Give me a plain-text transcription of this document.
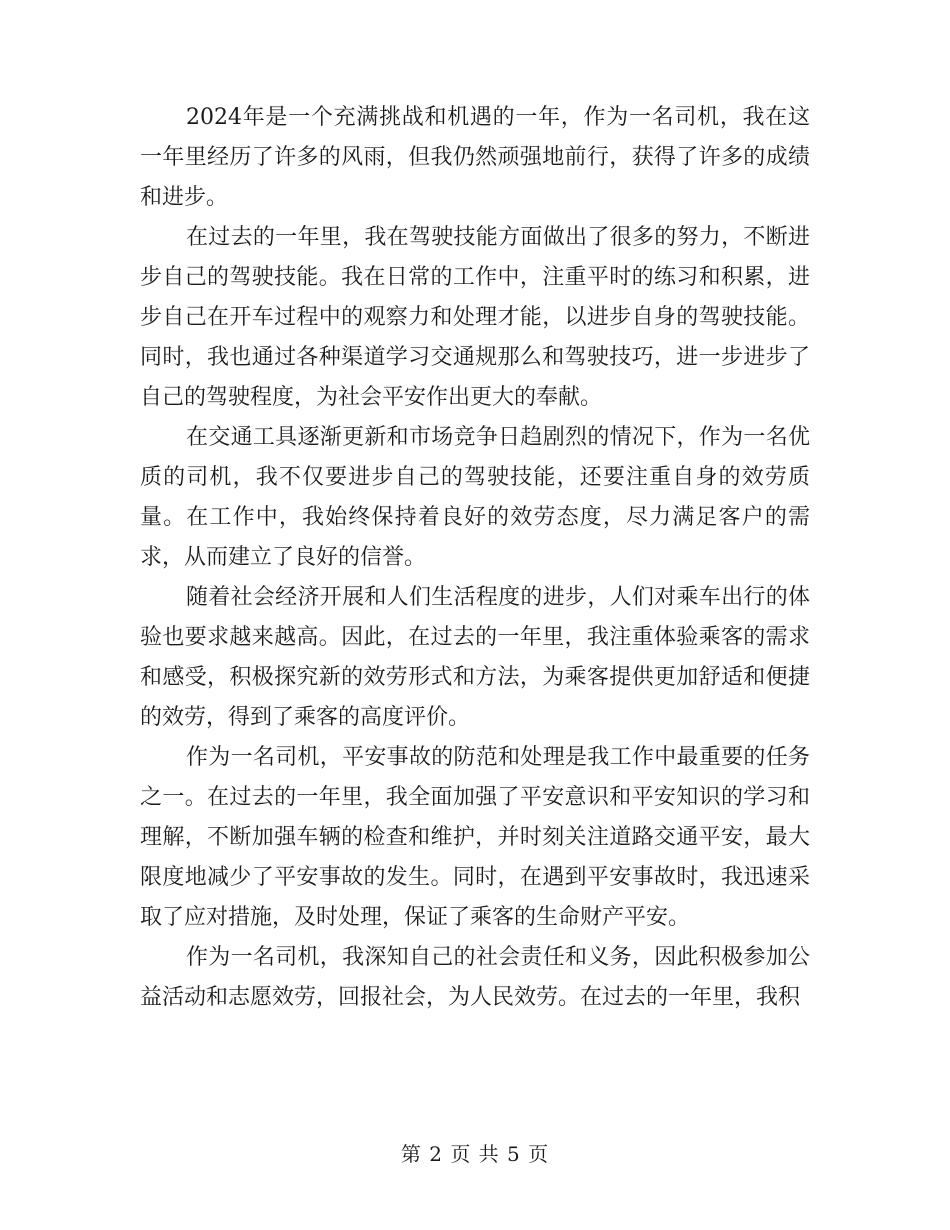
2024年是一个充满挑战和机遇的一年，作为一名司机，我在这一年里经历了许多的风雨，但我仍然顽强地前行，获得了许多的成绩和进步。

在过去的一年里，我在驾驶技能方面做出了很多的努力，不断进步自己的驾驶技能。我在日常的工作中，注重平时的练习和积累，进步自己在开车过程中的观察力和处理才能，以进步自身的驾驶技能。同时，我也通过各种渠道学习交通规那么和驾驶技巧，进一步进步了自己的驾驶程度，为社会平安作出更大的奉献。

在交通工具逐渐更新和市场竞争日趋剧烈的情况下，作为一名优质的司机，我不仅要进步自己的驾驶技能，还要注重自身的效劳质量。在工作中，我始终保持着良好的效劳态度，尽力满足客户的需求，从而建立了良好的信誉。

随着社会经济开展和人们生活程度的进步，人们对乘车出行的体验也要求越来越高。因此，在过去的一年里，我注重体验乘客的需求和感受，积极探究新的效劳形式和方法，为乘客提供更加舒适和便捷的效劳，得到了乘客的高度评价。

作为一名司机，平安事故的防范和处理是我工作中最重要的任务之一。在过去的一年里，我全面加强了平安意识和平安知识的学习和理解，不断加强车辆的检查和维护，并时刻关注道路交通平安，最大限度地减少了平安事故的发生。同时，在遇到平安事故时，我迅速采取了应对措施，及时处理，保证了乘客的生命财产平安。

作为一名司机，我深知自己的社会责任和义务，因此积极参加公益活动和志愿效劳，回报社会，为人民效劳。在过去的一年里，我积

第 2 页 共 5 页
